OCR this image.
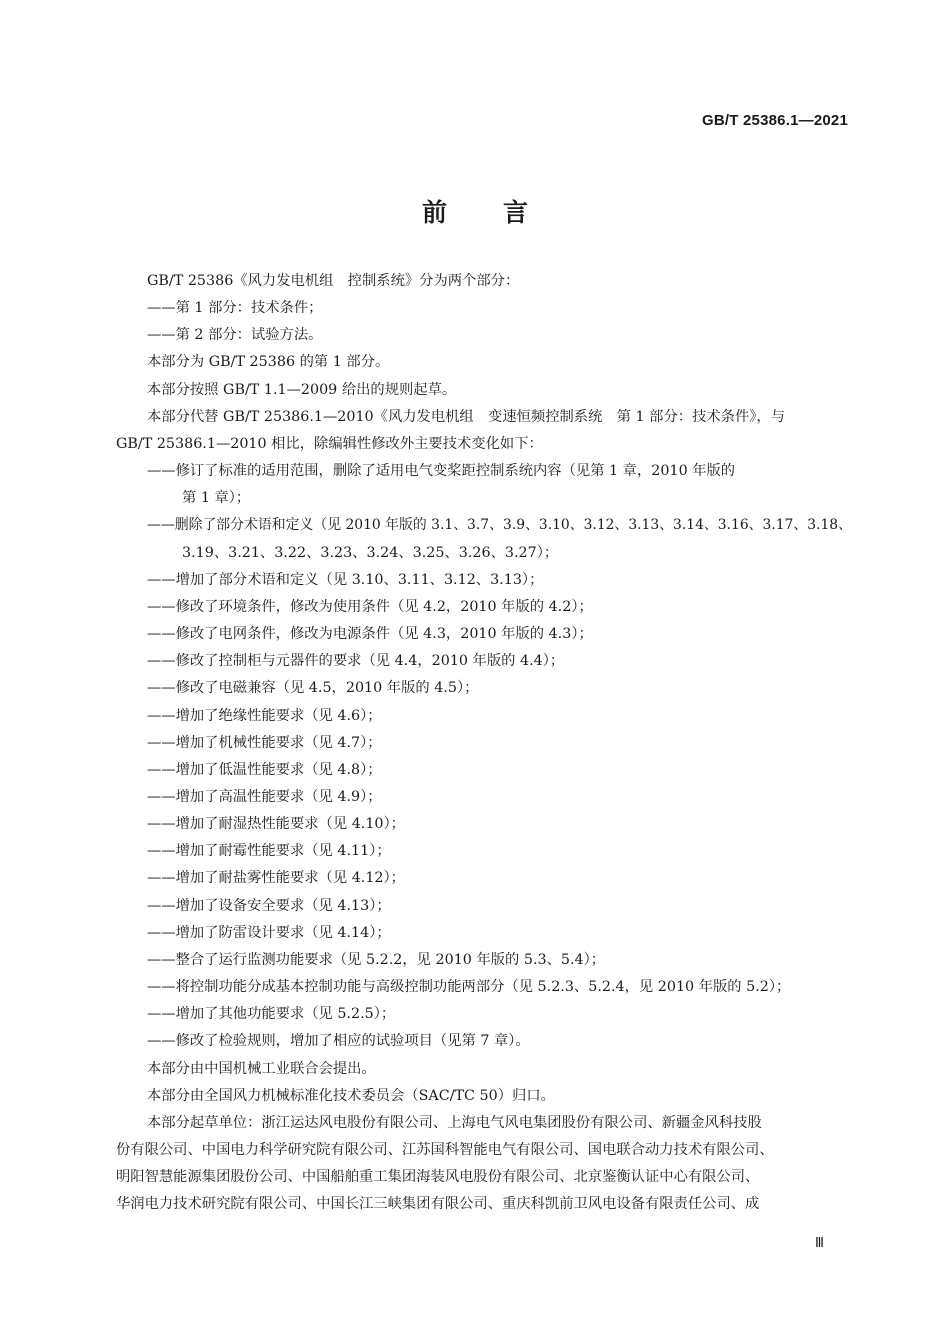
GB/T 25386.1—2021
前 言
GB/T 25386《风力发电机组　控制系统》分为两个部分：
——第 1 部分：技术条件；
——第 2 部分：试验方法。
本部分为 GB/T 25386 的第 1 部分。
本部分按照 GB/T 1.1—2009 给出的规则起草。
本部分代替 GB/T 25386.1—2010《风力发电机组　变速恒频控制系统　第 1 部分：技术条件》，与
GB/T 25386.1—2010 相比，除编辑性修改外主要技术变化如下：
——修订了标准的适用范围，删除了适用电气变桨距控制系统内容（见第 1 章，2010 年版的
第 1 章）；
——删除了部分术语和定义（见 2010 年版的 3.1、3.7、3.9、3.10、3.12、3.13、3.14、3.16、3.17、3.18、
3.19、3.21、3.22、3.23、3.24、3.25、3.26、3.27）；
——增加了部分术语和定义（见 3.10、3.11、3.12、3.13）；
——修改了环境条件，修改为使用条件（见 4.2，2010 年版的 4.2）；
——修改了电网条件，修改为电源条件（见 4.3，2010 年版的 4.3）；
——修改了控制柜与元器件的要求（见 4.4，2010 年版的 4.4）；
——修改了电磁兼容（见 4.5，2010 年版的 4.5）；
——增加了绝缘性能要求（见 4.6）；
——增加了机械性能要求（见 4.7）；
——增加了低温性能要求（见 4.8）；
——增加了高温性能要求（见 4.9）；
——增加了耐湿热性能要求（见 4.10）；
——增加了耐霉性能要求（见 4.11）；
——增加了耐盐雾性能要求（见 4.12）；
——增加了设备安全要求（见 4.13）；
——增加了防雷设计要求（见 4.14）；
——整合了运行监测功能要求（见 5.2.2，见 2010 年版的 5.3、5.4）；
——将控制功能分成基本控制功能与高级控制功能两部分（见 5.2.3、5.2.4，见 2010 年版的 5.2）；
——增加了其他功能要求（见 5.2.5）；
——修改了检验规则，增加了相应的试验项目（见第 7 章）。
本部分由中国机械工业联合会提出。
本部分由全国风力机械标准化技术委员会（SAC/TC 50）归口。
本部分起草单位：浙江运达风电股份有限公司、上海电气风电集团股份有限公司、新疆金风科技股
份有限公司、中国电力科学研究院有限公司、江苏国科智能电气有限公司、国电联合动力技术有限公司、
明阳智慧能源集团股份公司、中国船舶重工集团海装风电股份有限公司、北京鉴衡认证中心有限公司、
华润电力技术研究院有限公司、中国长江三峡集团有限公司、重庆科凯前卫风电设备有限责任公司、成
Ⅲ
